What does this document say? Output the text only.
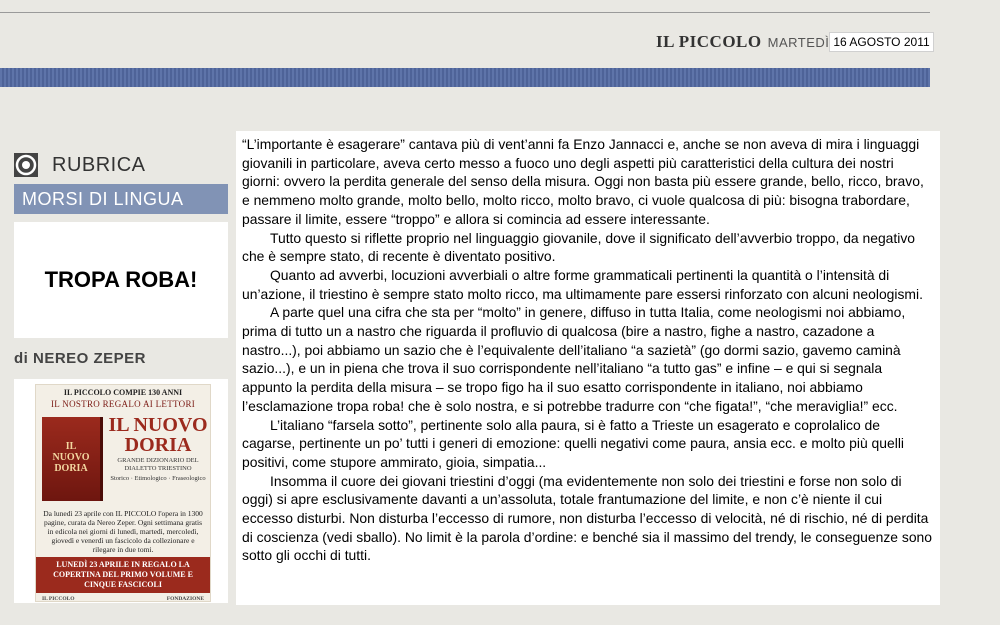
IL PICCOLO MARTEDÌ 16 AGOSTO 2011
RUBRICA
MORSI DI LINGUA
TROPA ROBA!
di NEREO ZEPER
IL PICCOLO COMPIE 130 ANNI
IL NOSTRO REGALO AI LETTORI
IL NUOVO DORIA
IL NUOVO DORIA
GRANDE DIZIONARIO DEL DIALETTO TRIESTINO
Storico · Etimologico · Fraseologico
Da lunedì 23 aprile con IL PICCOLO l'opera in 1300 pagine, curata da Nereo Zeper. Ogni settimana gratis in edicola nei giorni di lunedì, martedì, mercoledì, giovedì e venerdì un fascicolo da collezionare e rilegare in due tomi.
LUNEDÌ 23 APRILE IN REGALO LA COPERTINA DEL PRIMO VOLUME E CINQUE FASCICOLI
IL PICCOLO	FONDAZIONE

“L’importante è esagerare” cantava più di vent’anni fa Enzo Jannacci e, anche se non aveva di mira i linguaggi giovanili in particolare, aveva certo messo a fuoco uno degli aspetti più caratteristici della cultura dei nostri giorni: ovvero la perdita generale del senso della misura. Oggi non basta più essere grande, bello, ricco, bravo, e nemmeno molto grande, molto bello, molto ricco, molto bravo, ci vuole qualcosa di più: bisogna trabordare, passare il limite, essere “troppo” e allora si comincia ad essere interessante.

Tutto questo si riflette proprio nel linguaggio giovanile, dove il significato dell’avverbio troppo, da negativo che è sempre stato, di recente è diventato positivo.

Quanto ad avverbi, locuzioni avverbiali o altre forme grammaticali pertinenti la quantità o l’intensità di un’azione, il triestino è sempre stato molto ricco, ma ultimamente pare essersi rinforzato con alcuni neologismi.

A parte quel una cifra che sta per “molto” in genere, diffuso in tutta Italia, come neologismi noi abbiamo, prima di tutto un a nastro che riguarda il profluvio di qualcosa (bire a nastro, fighe a nastro, cazadone a nastro...), poi abbiamo un sazio che è l’equivalente dell’italiano “a sazietà” (go dormi sazio, gavemo caminà sazio...), e un in piena che trova il suo corrispondente nell’italiano “a tutto gas” e infine – e qui si segnala appunto la perdita della misura – se tropo figo ha il suo esatto corrispondente in italiano, noi abbiamo l’esclamazione tropa roba! che è solo nostra, e si potrebbe tradurre con “che figata!”, “che meraviglia!” ecc.

L’italiano “farsela sotto”, pertinente solo alla paura, si è fatto a Trieste un esagerato e coprolalico de cagarse, pertinente un po’ tutti i generi di emozione: quelli negativi come paura, ansia ecc. e molto più quelli positivi, come stupore ammirato, gioia, simpatia...

Insomma il cuore dei giovani triestini d’oggi (ma evidentemente non solo dei triestini e forse non solo di oggi) si apre esclusivamente davanti a un’assoluta, totale frantumazione del limite, e non c’è niente il cui eccesso disturbi. Non disturba l’eccesso di rumore, non disturba l’eccesso di velocità, né di rischio, né di perdita di coscienza (vedi sballo). No limit è la parola d’ordine: e benché sia il massimo del trendy, le conseguenze sono sotto gli occhi di tutti.
